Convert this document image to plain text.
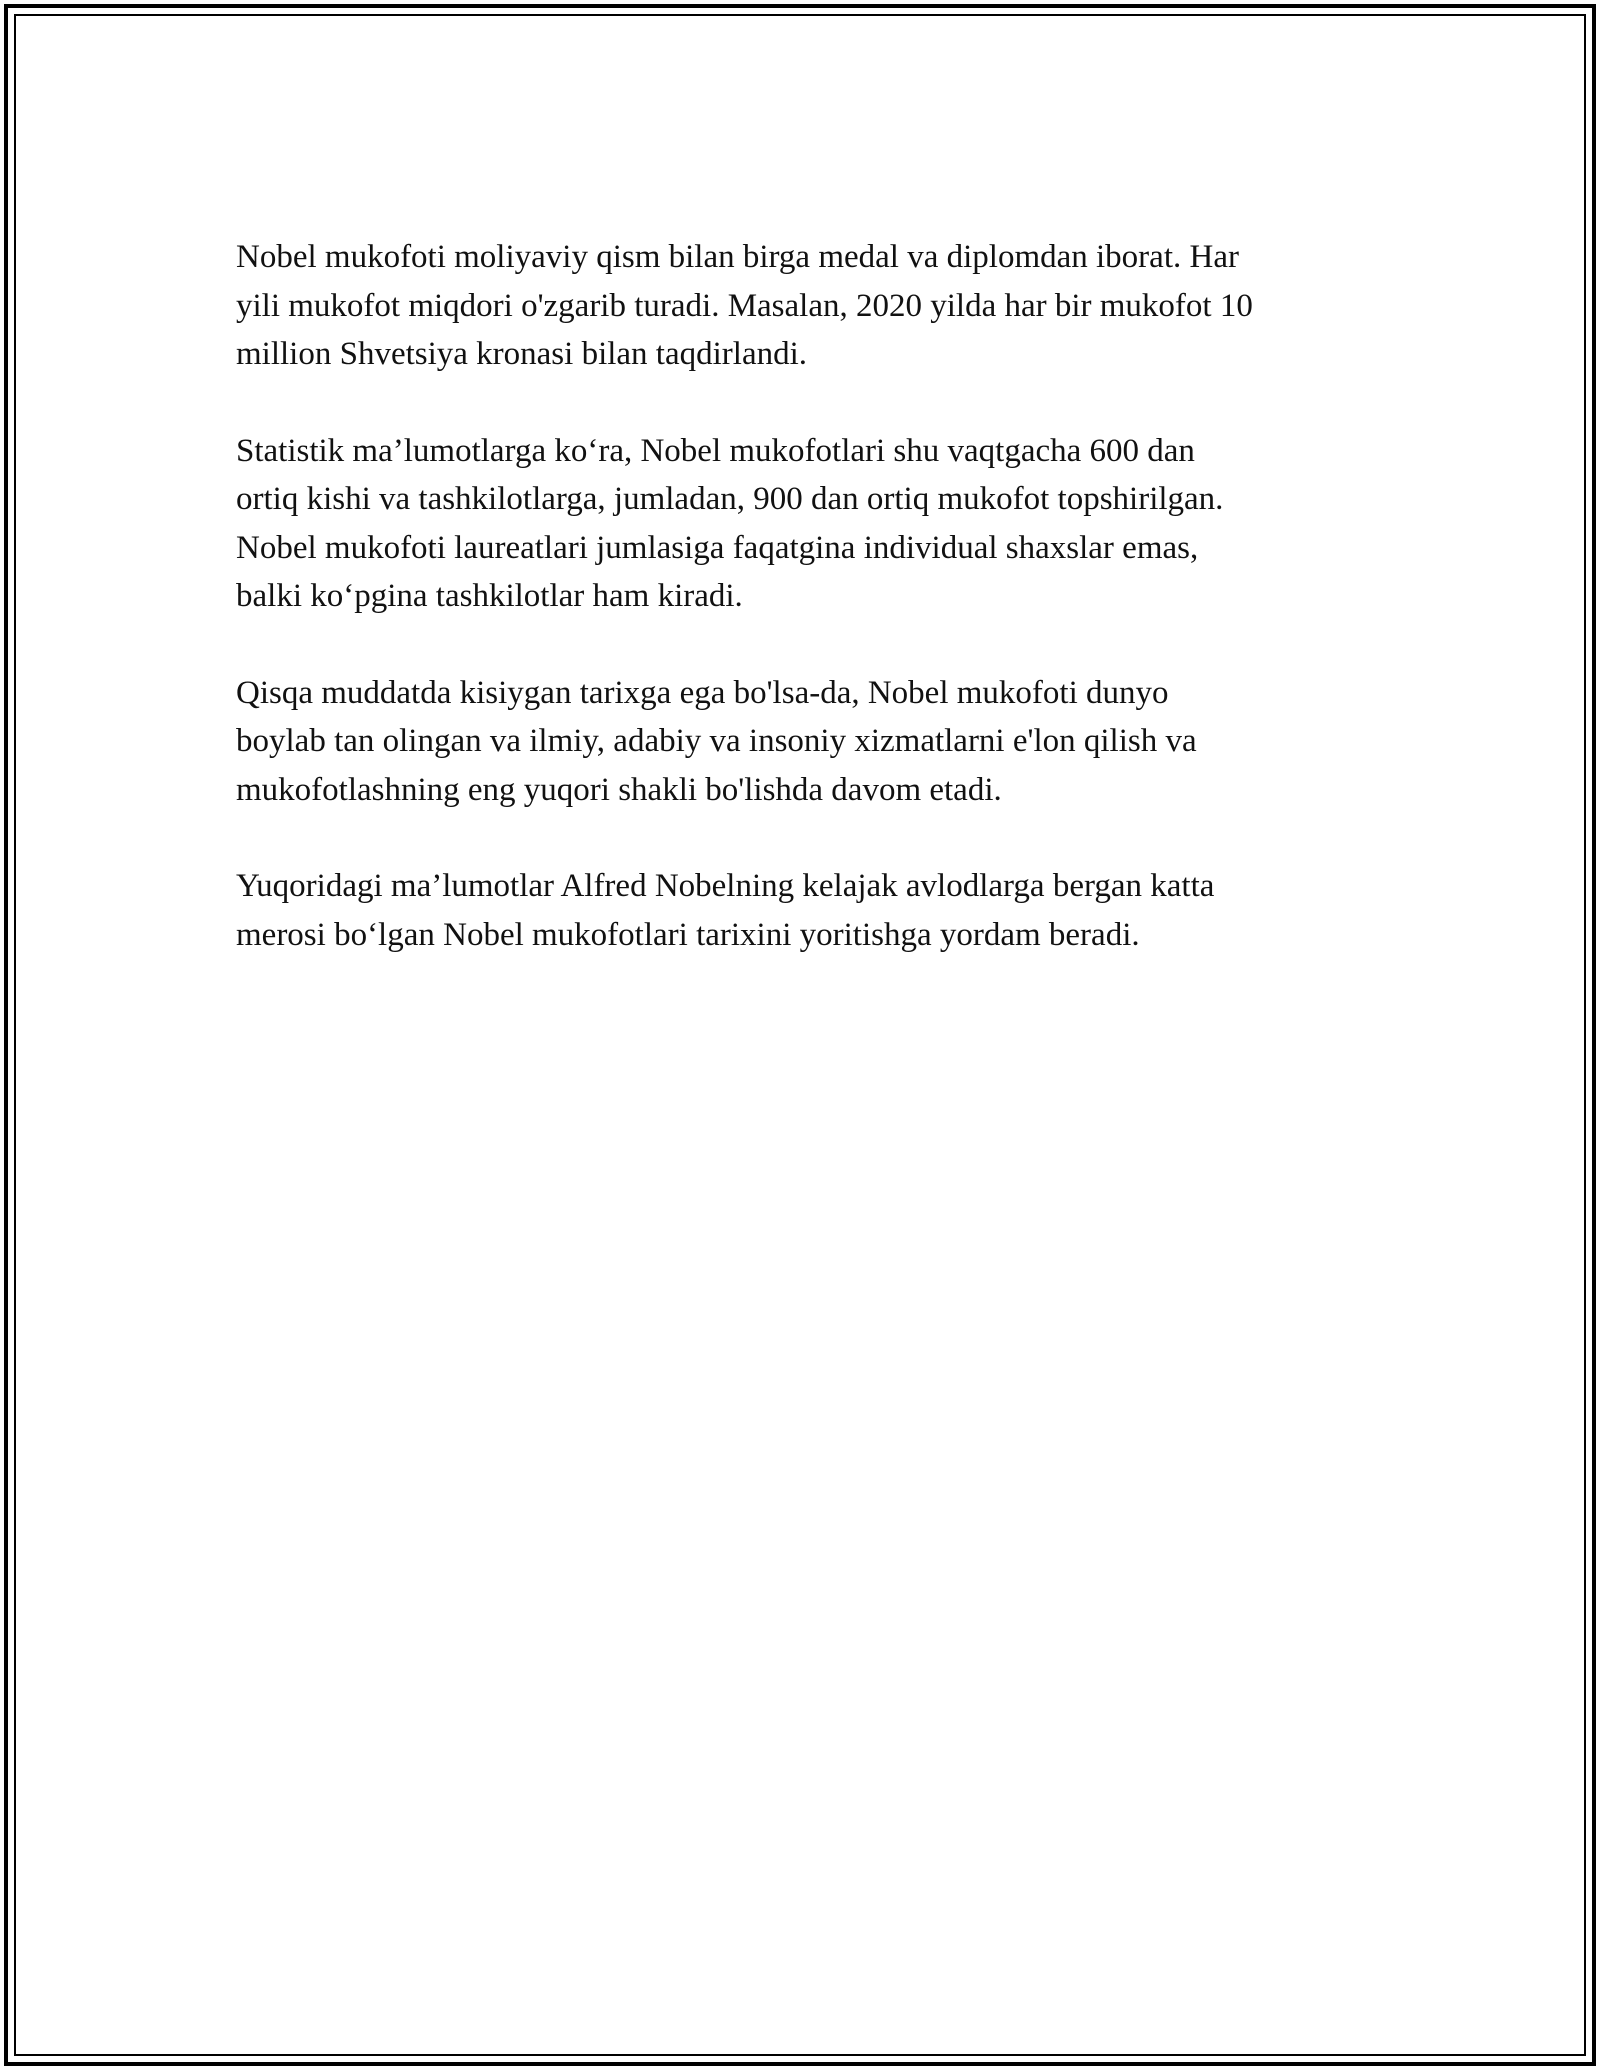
Nobel mukofoti moliyaviy qism bilan birga medal va diplomdan iborat. Har
yili mukofot miqdori o'zgarib turadi. Masalan, 2020 yilda har bir mukofot 10
million Shvetsiya kronasi bilan taqdirlandi.

Statistik ma’lumotlarga ko‘ra, Nobel mukofotlari shu vaqtgacha 600 dan
ortiq kishi va tashkilotlarga, jumladan, 900 dan ortiq mukofot topshirilgan.
Nobel mukofoti laureatlari jumlasiga faqatgina individual shaxslar emas,
balki ko‘pgina tashkilotlar ham kiradi.

Qisqa muddatda kisiygan tarixga ega bo'lsa-da, Nobel mukofoti dunyo
boylab tan olingan va ilmiy, adabiy va insoniy xizmatlarni e'lon qilish va
mukofotlashning eng yuqori shakli bo'lishda davom etadi.

Yuqoridagi ma’lumotlar Alfred Nobelning kelajak avlodlarga bergan katta
merosi bo‘lgan Nobel mukofotlari tarixini yoritishga yordam beradi.
